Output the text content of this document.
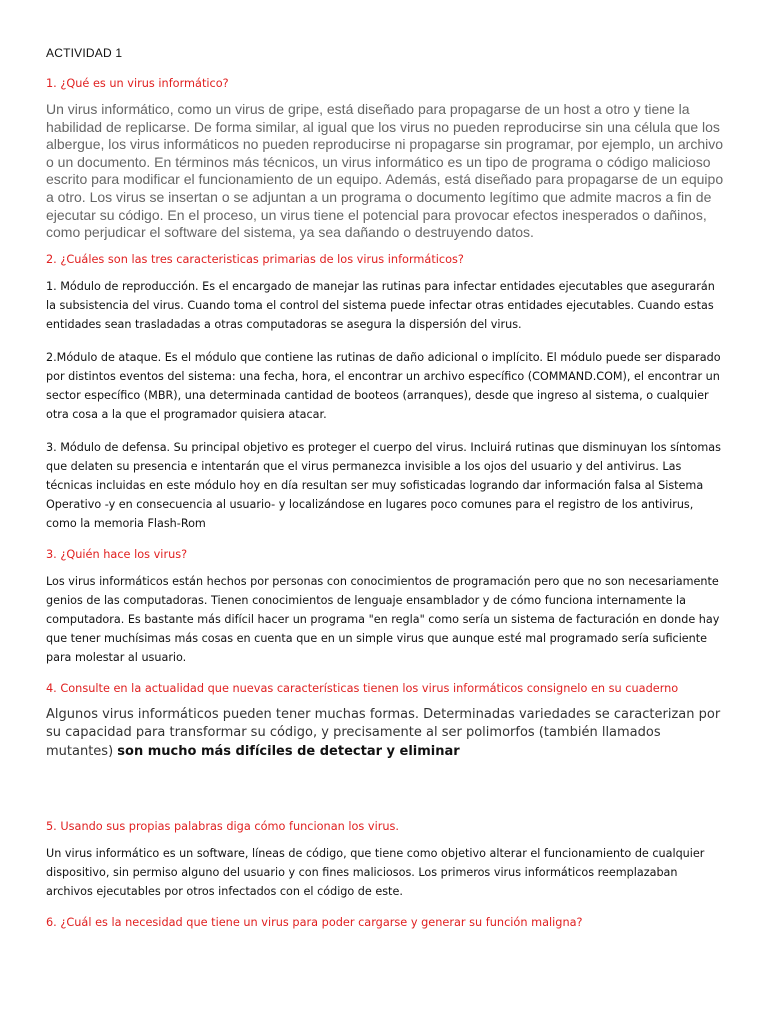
ACTIVIDAD 1
1. ¿Qué es un virus informático?
Un virus informático, como un virus de gripe, está diseñado para propagarse de un host a otro y tiene la habilidad de replicarse. De forma similar, al igual que los virus no pueden reproducirse sin una célula que los albergue, los virus informáticos no pueden reproducirse ni propagarse sin programar, por ejemplo, un archivo o un documento. En términos más técnicos, un virus informático es un tipo de programa o código malicioso escrito para modificar el funcionamiento de un equipo. Además, está diseñado para propagarse de un equipo a otro. Los virus se insertan o se adjuntan a un programa o documento legítimo que admite macros a fin de ejecutar su código. En el proceso, un virus tiene el potencial para provocar efectos inesperados o dañinos, como perjudicar el software del sistema, ya sea dañando o destruyendo datos.
2. ¿Cuáles son las tres caracteristicas primarias de los virus informáticos?
1. Módulo de reproducción. Es el encargado de manejar las rutinas para infectar entidades ejecutables que asegurarán la subsistencia del virus. Cuando toma el control del sistema puede infectar otras entidades ejecutables. Cuando estas entidades sean trasladadas a otras computadoras se asegura la dispersión del virus.
2.Módulo de ataque. Es el módulo que contiene las rutinas de daño adicional o implícito. El módulo puede ser disparado por distintos eventos del sistema: una fecha, hora, el encontrar un archivo específico (COMMAND.COM), el encontrar un sector específico (MBR), una determinada cantidad de booteos (arranques), desde que ingreso al sistema, o cualquier otra cosa a la que el programador quisiera atacar.
3. Módulo de defensa. Su principal objetivo es proteger el cuerpo del virus. Incluirá rutinas que disminuyan los síntomas que delaten su presencia e intentarán que el virus permanezca invisible a los ojos del usuario y del antivirus. Las técnicas incluidas en este módulo hoy en día resultan ser muy sofisticadas logrando dar información falsa al Sistema Operativo -y en consecuencia al usuario- y localizándose en lugares poco comunes para el registro de los antivirus, como la memoria Flash-Rom
3. ¿Quién hace los virus?
Los virus informáticos están hechos por personas con conocimientos de programación pero que no son necesariamente genios de las computadoras. Tienen conocimientos de lenguaje ensamblador y de cómo funciona internamente la computadora. Es bastante más difícil hacer un programa "en regla" como sería un sistema de facturación en donde hay que tener muchísimas más cosas en cuenta que en un simple virus que aunque esté mal programado sería suficiente para molestar al usuario.
4. Consulte en la actualidad que nuevas características tienen los virus informáticos consignelo en su cuaderno
Algunos virus informáticos pueden tener muchas formas. Determinadas variedades se caracterizan por su capacidad para transformar su código, y precisamente al ser polimorfos (también llamados mutantes) son mucho más difíciles de detectar y eliminar
5. Usando sus propias palabras diga cómo funcionan los virus.
Un virus informático es un software, líneas de código, que tiene como objetivo alterar el funcionamiento de cualquier dispositivo, sin permiso alguno del usuario y con fines maliciosos. Los primeros virus informáticos reemplazaban archivos ejecutables por otros infectados con el código de este.
6. ¿Cuál es la necesidad que tiene un virus para poder cargarse y generar su función maligna?
